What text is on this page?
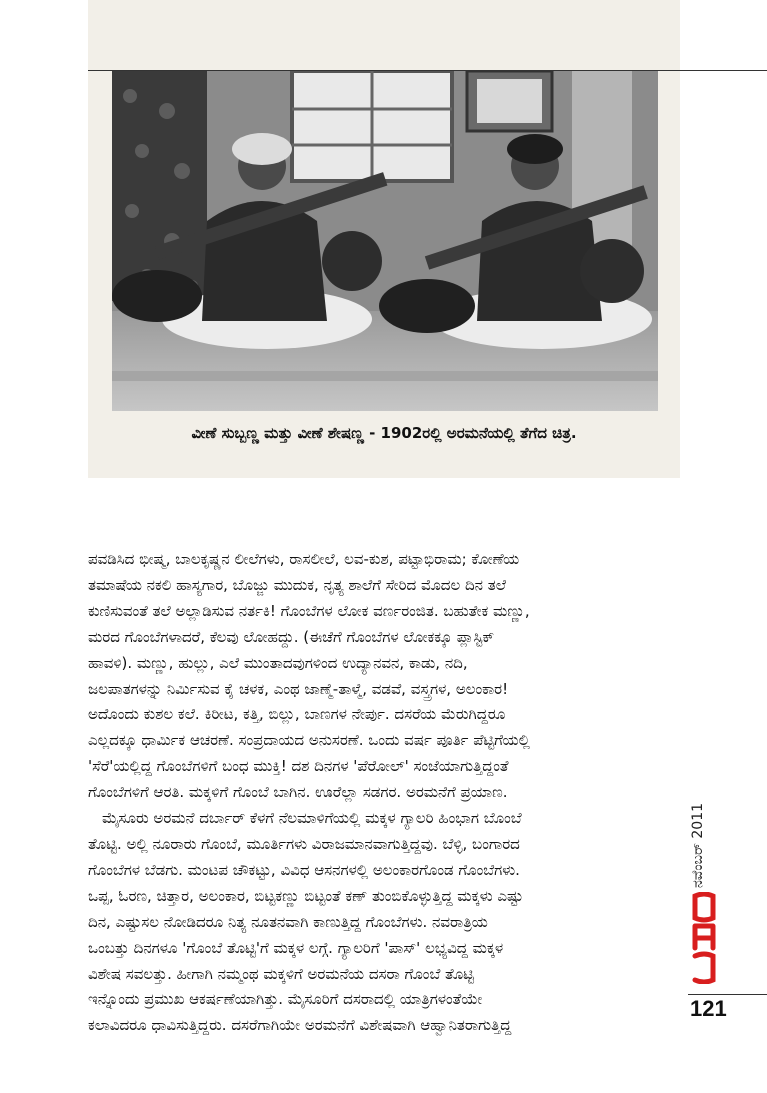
ವೀಣೆ ಸುಬ್ಬಣ್ಣ ಮತ್ತು ವೀಣೆ ಶೇಷಣ್ಣ - 1902ರಲ್ಲಿ ಅರಮನೆಯಲ್ಲಿ ತೆಗೆದ ಚಿತ್ರ.
ಪವಡಿಸಿದ ಭೀಷ್ಮ, ಬಾಲಕೃಷ್ಣನ ಲೀಲೆಗಳು, ರಾಸಲೀಲೆ, ಲವ-ಕುಶ, ಪಟ್ಟಾಭಿರಾಮ; ಕೋಣೆಯ
ತಮಾಷೆಯ ನಕಲಿ ಹಾಸ್ಯಗಾರ, ಬೊಜ್ಜು ಮುದುಕ, ನೃತ್ಯ ಶಾಲೆಗೆ ಸೇರಿದ ಮೊದಲ ದಿನ ತಲೆ
ಕುಣಿಸುವಂತೆ ತಲೆ ಅಲ್ಲಾಡಿಸುವ ನರ್ತಕಿ! ಗೊಂಬೆಗಳ ಲೋಕ ವರ್ಣರಂಜಿತ. ಬಹುತೇಕ ಮಣ್ಣು,
ಮರದ ಗೊಂಬೆಗಳಾದರೆ, ಕೆಲವು ಲೋಹದ್ದು. (ಈಚೆಗೆ ಗೊಂಬೆಗಳ ಲೋಕಕ್ಕೂ ಪ್ಲಾಸ್ಟಿಕ್
ಹಾವಳಿ). ಮಣ್ಣು, ಹುಲ್ಲು, ಎಲೆ ಮುಂತಾದವುಗಳಿಂದ ಉದ್ಯಾನವನ, ಕಾಡು, ನದಿ,
ಜಲಪಾತಗಳನ್ನು ನಿರ್ಮಿಸುವ ಕೈ ಚಳಕ, ಎಂಥ ಜಾಣ್ಮೆ-ತಾಳ್ಮೆ, ವಡವೆ, ವಸ್ತ್ರಗಳ, ಅಲಂಕಾರ!
ಅದೊಂದು ಕುಶಲ ಕಲೆ. ಕಿರೀಟ, ಕತ್ತಿ, ಬಿಲ್ಲು, ಬಾಣಗಳ ನೇರ್ಪು. ದಸರೆಯ ಮೆರುಗಿದ್ದರೂ
ಎಲ್ಲದಕ್ಕೂ ಧಾರ್ಮಿಕ ಆಚರಣೆ. ಸಂಪ್ರದಾಯದ ಅನುಸರಣೆ. ಒಂದು ವರ್ಷ ಪೂರ್ತಿ ಪೆಟ್ಟಿಗೆಯಲ್ಲಿ
'ಸೆರೆ'ಯಲ್ಲಿದ್ದ ಗೊಂಬೆಗಳಿಗೆ ಬಂಧ ಮುಕ್ತಿ! ದಶ ದಿನಗಳ 'ಪೆರೋಲ್' ಸಂಜೆಯಾಗುತ್ತಿದ್ದಂತೆ
ಗೊಂಬೆಗಳಿಗೆ ಆರತಿ. ಮಕ್ಕಳಿಗೆ ಗೊಂಬೆ ಬಾಗಿನ. ಊರೆಲ್ಲಾ ಸಡಗರ. ಅರಮನೆಗೆ ಪ್ರಯಾಣ.
ಮೈಸೂರು ಅರಮನೆ ದರ್ಬಾರ್ ಕೆಳಗೆ ನೆಲಮಾಳಿಗೆಯಲ್ಲಿ ಮಕ್ಕಳ ಗ್ಯಾಲರಿ ಹಿಂಭಾಗ ಬೊಂಬೆ
ತೊಟ್ಟಿ. ಅಲ್ಲಿ ನೂರಾರು ಗೊಂಬೆ, ಮೂರ್ತಿಗಳು ವಿರಾಜಮಾನವಾಗುತ್ತಿದ್ದವು. ಬೆಳ್ಳಿ, ಬಂಗಾರದ
ಗೊಂಬೆಗಳ ಬೆಡಗು. ಮಂಟಪ ಚೌಕಟ್ಟು, ವಿವಿಧ ಆಸನಗಳಲ್ಲಿ ಅಲಂಕಾರಗೊಂಡ ಗೊಂಬೆಗಳು.
ಒಪ್ಪ, ಓರಣ, ಚಿತ್ತಾರ, ಅಲಂಕಾರ, ಬಿಟ್ಟಕಣ್ಣು ಬಿಟ್ಟಂತೆ ಕಣ್ ತುಂಬಿಕೊಳ್ಳುತ್ತಿದ್ದ ಮಕ್ಕಳು ಎಷ್ಟು
ದಿನ, ಎಷ್ಟುಸಲ ನೋಡಿದರೂ ನಿತ್ಯ ನೂತನವಾಗಿ ಕಾಣುತ್ತಿದ್ದ ಗೊಂಬೆಗಳು. ನವರಾತ್ರಿಯ
ಒಂಬತ್ತು ದಿನಗಳೂ 'ಗೊಂಬೆ ತೊಟ್ಟಿ'ಗೆ ಮಕ್ಕಳ ಲಗ್ಗೆ. ಗ್ಯಾಲರಿಗೆ 'ಪಾಸ್' ಲಭ್ಯವಿದ್ದ ಮಕ್ಕಳ
ವಿಶೇಷ ಸವಲತ್ತು. ಹೀಗಾಗಿ ನಮ್ಮಂಥ ಮಕ್ಕಳಿಗೆ ಅರಮನೆಯ ದಸರಾ ಗೊಂಬೆ ತೊಟ್ಟಿ
ಇನ್ನೊಂದು ಪ್ರಮುಖ ಆಕರ್ಷಣೆಯಾಗಿತ್ತು. ಮೈಸೂರಿಗೆ ದಸರಾದಲ್ಲಿ ಯಾತ್ರಿಗಳಂತೆಯೇ
ಕಲಾವಿದರೂ ಧಾವಿಸುತ್ತಿದ್ದರು. ದಸರೆಗಾಗಿಯೇ ಅರಮನೆಗೆ ವಿಶೇಷವಾಗಿ ಆಹ್ವಾನಿತರಾಗುತ್ತಿದ್ದ
ನವೆಂಬರ್ 2011
121
